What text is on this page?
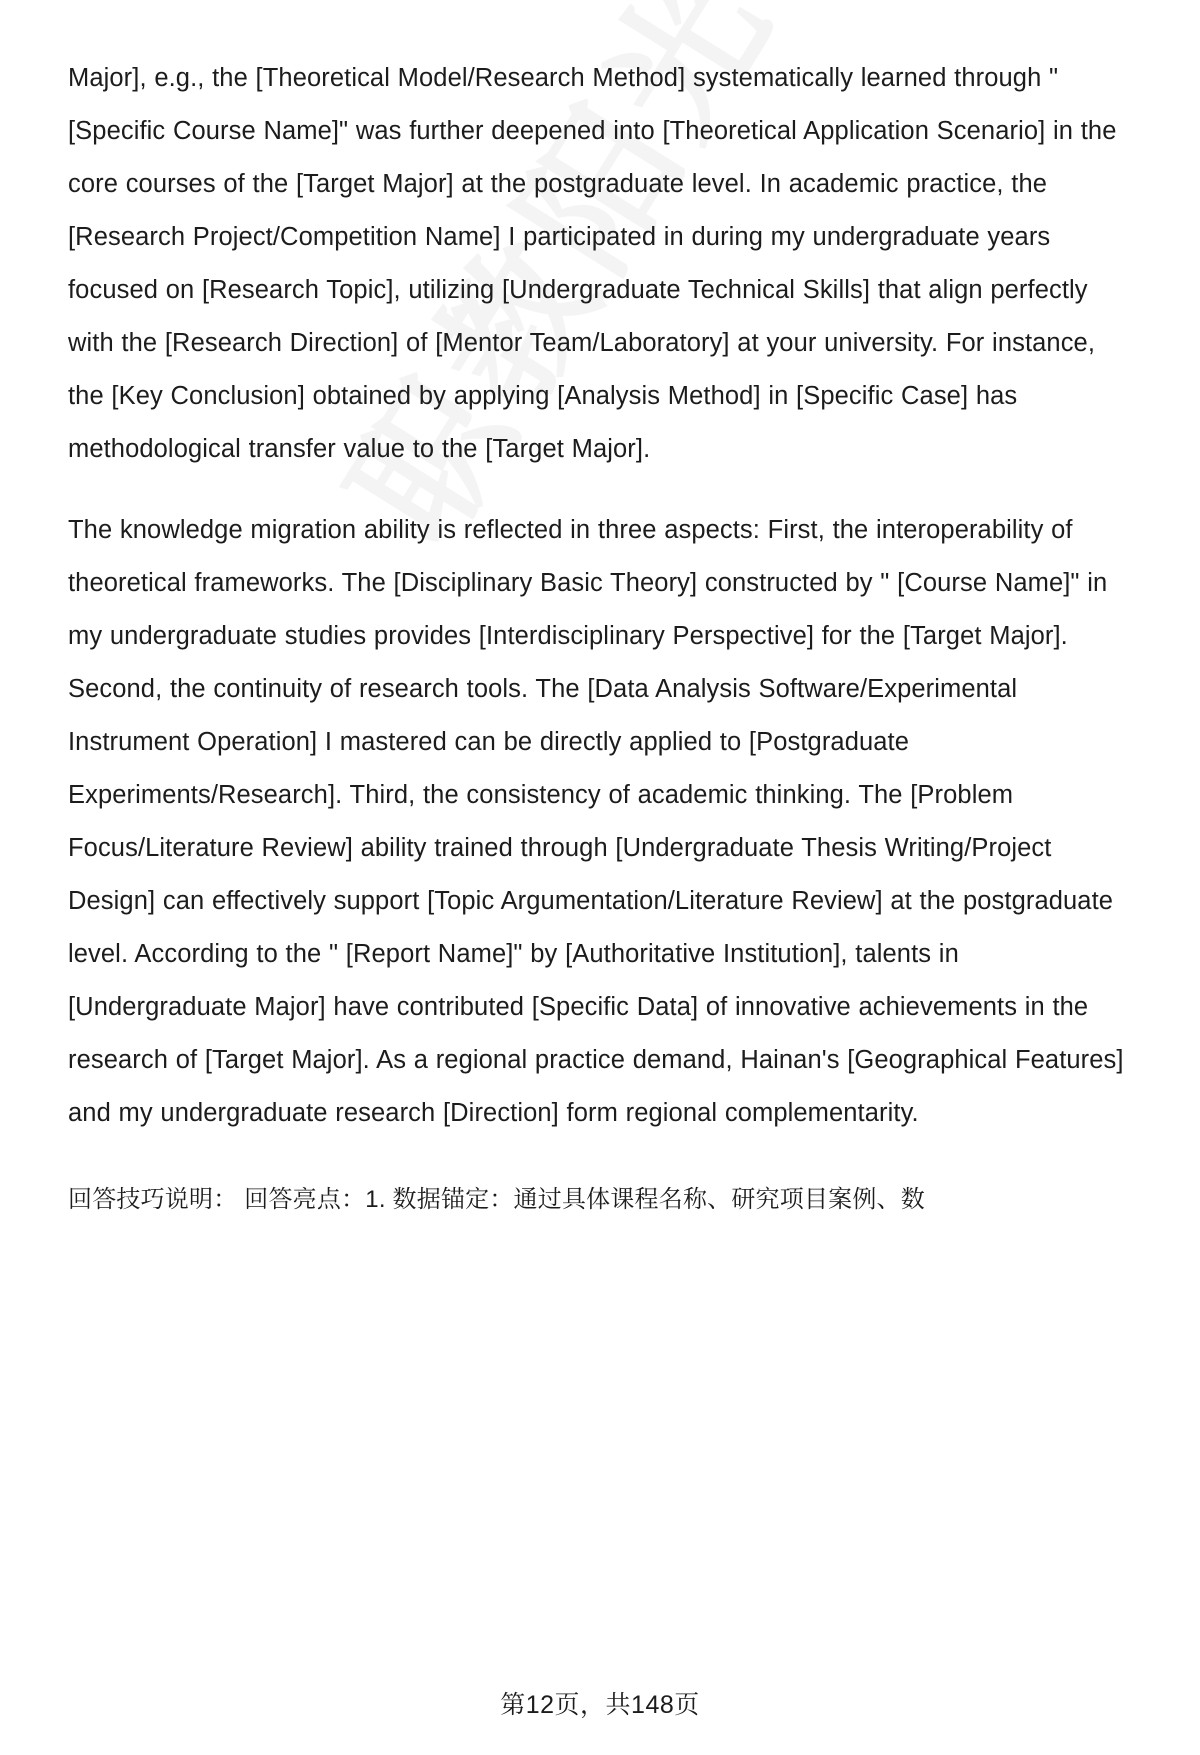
Major], e.g., the [Theoretical Model/Research Method] systematically learned through " [Specific Course Name]" was further deepened into [Theoretical Application Scenario] in the core courses of the [Target Major] at the postgraduate level. In academic practice, the [Research Project/Competition Name] I participated in during my undergraduate years focused on [Research Topic], utilizing [Undergraduate Technical Skills] that align perfectly with the [Research Direction] of [Mentor Team/Laboratory] at your university. For instance, the [Key Conclusion] obtained by applying [Analysis Method] in [Specific Case] has methodological transfer value to the [Target Major].

The knowledge migration ability is reflected in three aspects: First, the interoperability of theoretical frameworks. The [Disciplinary Basic Theory] constructed by " [Course Name]" in my undergraduate studies provides [Interdisciplinary Perspective] for the [Target Major]. Second, the continuity of research tools. The [Data Analysis Software/Experimental Instrument Operation] I mastered can be directly applied to [Postgraduate Experiments/Research]. Third, the consistency of academic thinking. The [Problem Focus/Literature Review] ability trained through [Undergraduate Thesis Writing/Project Design] can effectively support [Topic Argumentation/Literature Review] at the postgraduate level. According to the " [Report Name]" by [Authoritative Institution], talents in [Undergraduate Major] have contributed [Specific Data] of innovative achievements in the research of [Target Major]. As a regional practice demand, Hainan's [Geographical Features] and my undergraduate research [Direction] form regional complementarity.

回答技巧说明： 回答亮点：1. 数据锚定：通过具体课程名称、研究项目案例、数

第12页，共148页
